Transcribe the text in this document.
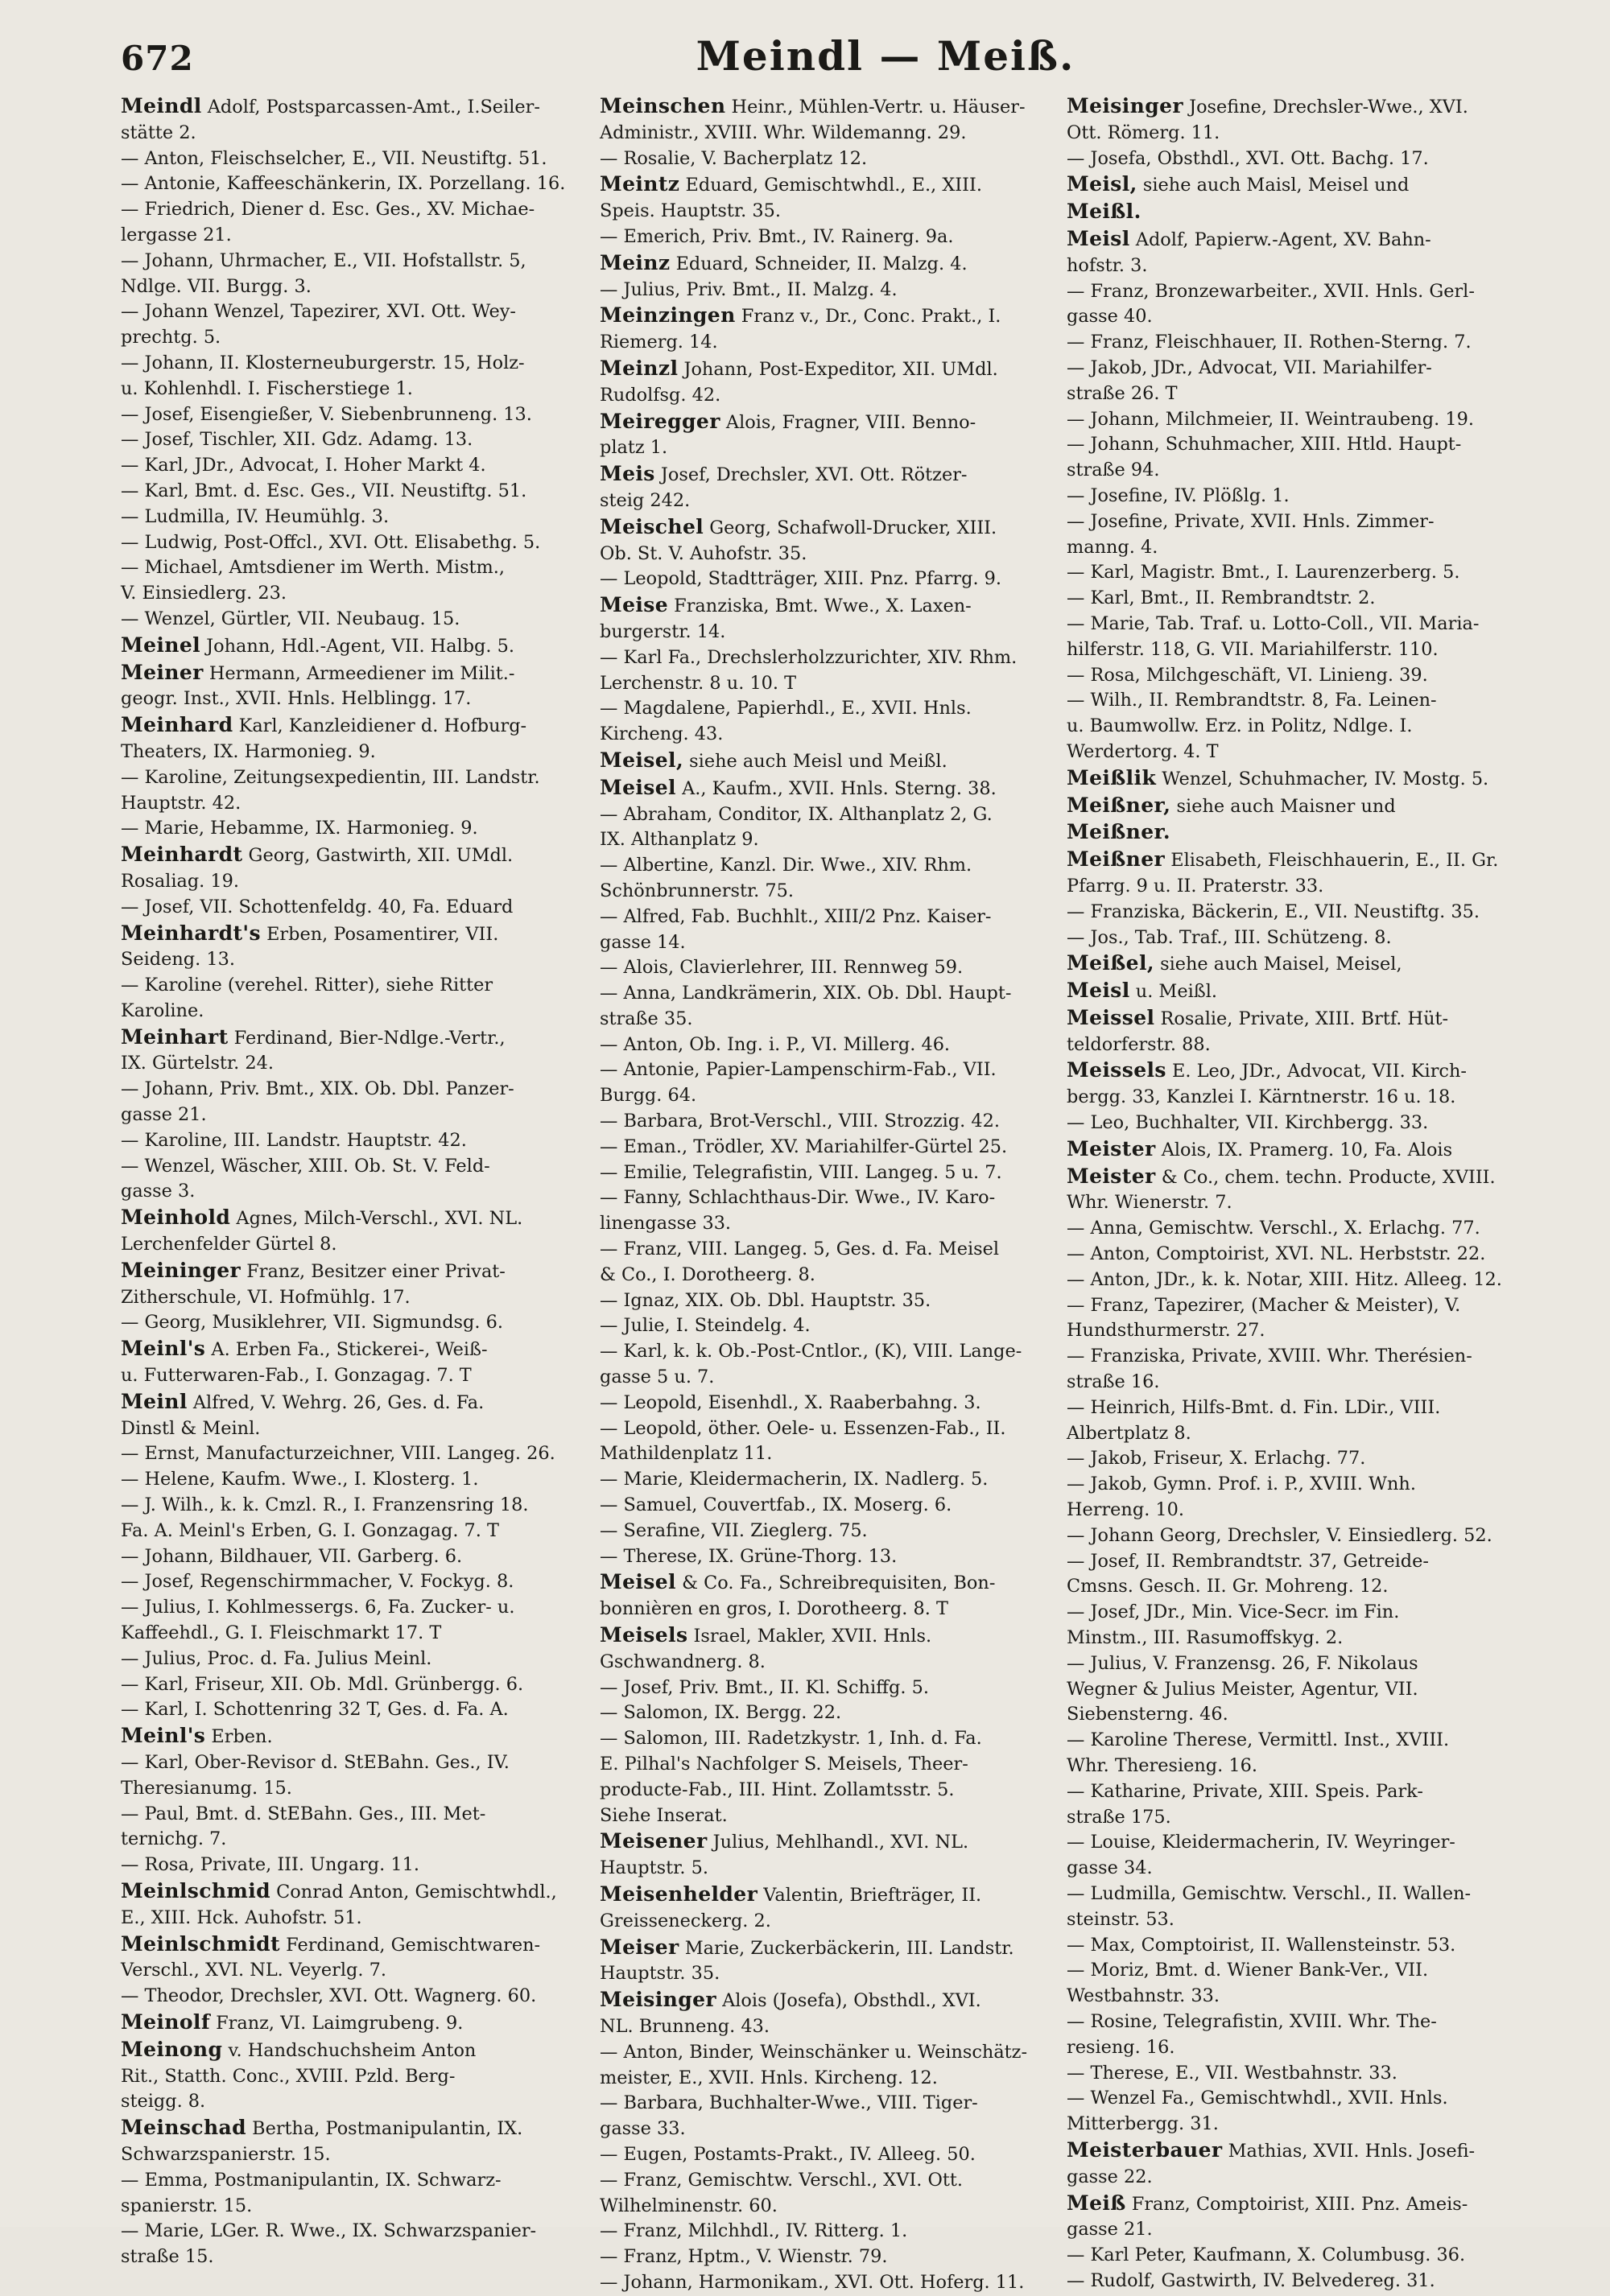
672	Meindl — Meiß.
Meindl Adolf, Postsparcassen-Amt., I.Seiler-
stätte 2.
— Anton, Fleischselcher, E., VII. Neustiftg. 51.
— Antonie, Kaffeeschänkerin, IX. Porzellang. 16.
— Friedrich, Diener d. Esc. Ges., XV. Michae-
lergasse 21.
— Johann, Uhrmacher, E., VII. Hofstallstr. 5,
Ndlge. VII. Burgg. 3.
— Johann Wenzel, Tapezirer, XVI. Ott. Wey-
prechtg. 5.
— Johann, II. Klosterneuburgerstr. 15, Holz-
u. Kohlenhdl. I. Fischerstiege 1.
— Josef, Eisengießer, V. Siebenbrunneng. 13.
— Josef, Tischler, XII. Gdz. Adamg. 13.
— Karl, JDr., Advocat, I. Hoher Markt 4.
— Karl, Bmt. d. Esc. Ges., VII. Neustiftg. 51.
— Ludmilla, IV. Heumühlg. 3.
— Ludwig, Post-Offcl., XVI. Ott. Elisabethg. 5.
— Michael, Amtsdiener im Werth. Mistm.,
V. Einsiedlerg. 23.
— Wenzel, Gürtler, VII. Neubaug. 15.
Meinel Johann, Hdl.-Agent, VII. Halbg. 5.
Meiner Hermann, Armeediener im Milit.-
geogr. Inst., XVII. Hnls. Helblingg. 17.
Meinhard Karl, Kanzleidiener d. Hofburg-
Theaters, IX. Harmonieg. 9.
— Karoline, Zeitungsexpedientin, III. Landstr.
Hauptstr. 42.
— Marie, Hebamme, IX. Harmonieg. 9.
Meinhardt Georg, Gastwirth, XII. UMdl.
Rosaliag. 19.
— Josef, VII. Schottenfeldg. 40, Fa. Eduard
Meinhardt's Erben, Posamentirer, VII.
Seideng. 13.
— Karoline (verehel. Ritter), siehe Ritter
Karoline.
Meinhart Ferdinand, Bier-Ndlge.-Vertr.,
IX. Gürtelstr. 24.
— Johann, Priv. Bmt., XIX. Ob. Dbl. Panzer-
gasse 21.
— Karoline, III. Landstr. Hauptstr. 42.
— Wenzel, Wäscher, XIII. Ob. St. V. Feld-
gasse 3.
Meinhold Agnes, Milch-Verschl., XVI. NL.
Lerchenfelder Gürtel 8.
Meininger Franz, Besitzer einer Privat-
Zitherschule, VI. Hofmühlg. 17.
— Georg, Musiklehrer, VII. Sigmundsg. 6.
Meinl's A. Erben Fa., Stickerei-, Weiß-
u. Futterwaren-Fab., I. Gonzagag. 7. T
Meinl Alfred, V. Wehrg. 26, Ges. d. Fa.
Dinstl & Meinl.
— Ernst, Manufacturzeichner, VIII. Langeg. 26.
— Helene, Kaufm. Wwe., I. Klosterg. 1.
— J. Wilh., k. k. Cmzl. R., I. Franzensring 18.
Fa. A. Meinl's Erben, G. I. Gonzagag. 7. T
— Johann, Bildhauer, VII. Garberg. 6.
— Josef, Regenschirmmacher, V. Fockyg. 8.
— Julius, I. Kohlmessergs. 6, Fa. Zucker- u.
Kaffeehdl., G. I. Fleischmarkt 17. T
— Julius, Proc. d. Fa. Julius Meinl.
— Karl, Friseur, XII. Ob. Mdl. Grünbergg. 6.
— Karl, I. Schottenring 32 T, Ges. d. Fa. A.
Meinl's Erben.
— Karl, Ober-Revisor d. StEBahn. Ges., IV.
Theresianumg. 15.
— Paul, Bmt. d. StEBahn. Ges., III. Met-
ternichg. 7.
— Rosa, Private, III. Ungarg. 11.
Meinlschmid Conrad Anton, Gemischtwhdl.,
E., XIII. Hck. Auhofstr. 51.
Meinlschmidt Ferdinand, Gemischtwaren-
Verschl., XVI. NL. Veyerlg. 7.
— Theodor, Drechsler, XVI. Ott. Wagnerg. 60.
Meinolf Franz, VI. Laimgrubeng. 9.
Meinong v. Handschuchsheim Anton
Rit., Statth. Conc., XVIII. Pzld. Berg-
steigg. 8.
Meinschad Bertha, Postmanipulantin, IX.
Schwarzspanierstr. 15.
— Emma, Postmanipulantin, IX. Schwarz-
spanierstr. 15.
— Marie, LGer. R. Wwe., IX. Schwarzspanier-
straße 15.
Meinschen Heinr., Mühlen-Vertr. u. Häuser-
Administr., XVIII. Whr. Wildemanng. 29.
— Rosalie, V. Bacherplatz 12.
Meintz Eduard, Gemischtwhdl., E., XIII.
Speis. Hauptstr. 35.
— Emerich, Priv. Bmt., IV. Rainerg. 9a.
Meinz Eduard, Schneider, II. Malzg. 4.
— Julius, Priv. Bmt., II. Malzg. 4.
Meinzingen Franz v., Dr., Conc. Prakt., I.
Riemerg. 14.
Meinzl Johann, Post-Expeditor, XII. UMdl.
Rudolfsg. 42.
Meiregger Alois, Fragner, VIII. Benno-
platz 1.
Meis Josef, Drechsler, XVI. Ott. Rötzer-
steig 242.
Meischel Georg, Schafwoll-Drucker, XIII.
Ob. St. V. Auhofstr. 35.
— Leopold, Stadtträger, XIII. Pnz. Pfarrg. 9.
Meise Franziska, Bmt. Wwe., X. Laxen-
burgerstr. 14.
— Karl Fa., Drechslerholzzurichter, XIV. Rhm.
Lerchenstr. 8 u. 10. T
— Magdalene, Papierhdl., E., XVII. Hnls.
Kircheng. 43.
Meisel, siehe auch Meisl und Meißl.
Meisel A., Kaufm., XVII. Hnls. Sterng. 38.
— Abraham, Conditor, IX. Althanplatz 2, G.
IX. Althanplatz 9.
— Albertine, Kanzl. Dir. Wwe., XIV. Rhm.
Schönbrunnerstr. 75.
— Alfred, Fab. Buchhlt., XIII/2 Pnz. Kaiser-
gasse 14.
— Alois, Clavierlehrer, III. Rennweg 59.
— Anna, Landkrämerin, XIX. Ob. Dbl. Haupt-
straße 35.
— Anton, Ob. Ing. i. P., VI. Millerg. 46.
— Antonie, Papier-Lampenschirm-Fab., VII.
Burgg. 64.
— Barbara, Brot-Verschl., VIII. Strozzig. 42.
— Eman., Trödler, XV. Mariahilfer-Gürtel 25.
— Emilie, Telegrafistin, VIII. Langeg. 5 u. 7.
— Fanny, Schlachthaus-Dir. Wwe., IV. Karo-
linengasse 33.
— Franz, VIII. Langeg. 5, Ges. d. Fa. Meisel
& Co., I. Dorotheerg. 8.
— Ignaz, XIX. Ob. Dbl. Hauptstr. 35.
— Julie, I. Steindelg. 4.
— Karl, k. k. Ob.-Post-Cntlor., (K), VIII. Lange-
gasse 5 u. 7.
— Leopold, Eisenhdl., X. Raaberbahng. 3.
— Leopold, öther. Oele- u. Essenzen-Fab., II.
Mathildenplatz 11.
— Marie, Kleidermacherin, IX. Nadlerg. 5.
— Samuel, Couvertfab., IX. Moserg. 6.
— Serafine, VII. Zieglerg. 75.
— Therese, IX. Grüne-Thorg. 13.
Meisel & Co. Fa., Schreibrequisiten, Bon-
bonnièren en gros, I. Dorotheerg. 8. T
Meisels Israel, Makler, XVII. Hnls.
Gschwandnerg. 8.
— Josef, Priv. Bmt., II. Kl. Schiffg. 5.
— Salomon, IX. Bergg. 22.
— Salomon, III. Radetzkystr. 1, Inh. d. Fa.
E. Pilhal's Nachfolger S. Meisels, Theer-
producte-Fab., III. Hint. Zollamtsstr. 5.
Siehe Inserat.
Meisener Julius, Mehlhandl., XVI. NL.
Hauptstr. 5.
Meisenhelder Valentin, Briefträger, II.
Greisseneckerg. 2.
Meiser Marie, Zuckerbäckerin, III. Landstr.
Hauptstr. 35.
Meisinger Alois (Josefa), Obsthdl., XVI.
NL. Brunneng. 43.
— Anton, Binder, Weinschänker u. Weinschätz-
meister, E., XVII. Hnls. Kircheng. 12.
— Barbara, Buchhalter-Wwe., VIII. Tiger-
gasse 33.
— Eugen, Postamts-Prakt., IV. Alleeg. 50.
— Franz, Gemischtw. Verschl., XVI. Ott.
Wilhelminenstr. 60.
— Franz, Milchhdl., IV. Ritterg. 1.
— Franz, Hptm., V. Wienstr. 79.
— Johann, Harmonikam., XVI. Ott. Hoferg. 11.
Meisinger Josefine, Drechsler-Wwe., XVI.
Ott. Römerg. 11.
— Josefa, Obsthdl., XVI. Ott. Bachg. 17.
Meisl, siehe auch Maisl, Meisel und
Meißl.
Meisl Adolf, Papierw.-Agent, XV. Bahn-
hofstr. 3.
— Franz, Bronzewarbeiter., XVII. Hnls. Gerl-
gasse 40.
— Franz, Fleischhauer, II. Rothen-Sterng. 7.
— Jakob, JDr., Advocat, VII. Mariahilfer-
straße 26. T
— Johann, Milchmeier, II. Weintraubeng. 19.
— Johann, Schuhmacher, XIII. Htld. Haupt-
straße 94.
— Josefine, IV. Plößlg. 1.
— Josefine, Private, XVII. Hnls. Zimmer-
manng. 4.
— Karl, Magistr. Bmt., I. Laurenzerberg. 5.
— Karl, Bmt., II. Rembrandtstr. 2.
— Marie, Tab. Traf. u. Lotto-Coll., VII. Maria-
hilferstr. 118, G. VII. Mariahilferstr. 110.
— Rosa, Milchgeschäft, VI. Linieng. 39.
— Wilh., II. Rembrandtstr. 8, Fa. Leinen-
u. Baumwollw. Erz. in Politz, Ndlge. I.
Werdertorg. 4. T
Meißlik Wenzel, Schuhmacher, IV. Mostg. 5.
Meißner, siehe auch Maisner und
Meißner.
Meißner Elisabeth, Fleischhauerin, E., II. Gr.
Pfarrg. 9 u. II. Praterstr. 33.
— Franziska, Bäckerin, E., VII. Neustiftg. 35.
— Jos., Tab. Traf., III. Schützeng. 8.
Meißel, siehe auch Maisel, Meisel,
Meisl u. Meißl.
Meissel Rosalie, Private, XIII. Brtf. Hüt-
teldorferstr. 88.
Meissels E. Leo, JDr., Advocat, VII. Kirch-
bergg. 33, Kanzlei I. Kärntnerstr. 16 u. 18.
— Leo, Buchhalter, VII. Kirchbergg. 33.
Meister Alois, IX. Pramerg. 10, Fa. Alois
Meister & Co., chem. techn. Producte, XVIII.
Whr. Wienerstr. 7.
— Anna, Gemischtw. Verschl., X. Erlachg. 77.
— Anton, Comptoirist, XVI. NL. Herbststr. 22.
— Anton, JDr., k. k. Notar, XIII. Hitz. Alleeg. 12.
— Franz, Tapezirer, (Macher & Meister), V.
Hundsthurmerstr. 27.
— Franziska, Private, XVIII. Whr. Therésien-
straße 16.
— Heinrich, Hilfs-Bmt. d. Fin. LDir., VIII.
Albertplatz 8.
— Jakob, Friseur, X. Erlachg. 77.
— Jakob, Gymn. Prof. i. P., XVIII. Wnh.
Herreng. 10.
— Johann Georg, Drechsler, V. Einsiedlerg. 52.
— Josef, II. Rembrandtstr. 37, Getreide-
Cmsns. Gesch. II. Gr. Mohreng. 12.
— Josef, JDr., Min. Vice-Secr. im Fin.
Minstm., III. Rasumoffskyg. 2.
— Julius, V. Franzensg. 26, F. Nikolaus
Wegner & Julius Meister, Agentur, VII.
Siebensterng. 46.
— Karoline Therese, Vermittl. Inst., XVIII.
Whr. Theresieng. 16.
— Katharine, Private, XIII. Speis. Park-
straße 175.
— Louise, Kleidermacherin, IV. Weyringer-
gasse 34.
— Ludmilla, Gemischtw. Verschl., II. Wallen-
steinstr. 53.
— Max, Comptoirist, II. Wallensteinstr. 53.
— Moriz, Bmt. d. Wiener Bank-Ver., VII.
Westbahnstr. 33.
— Rosine, Telegrafistin, XVIII. Whr. The-
resieng. 16.
— Therese, E., VII. Westbahnstr. 33.
— Wenzel Fa., Gemischtwhdl., XVII. Hnls.
Mitterbergg. 31.
Meisterbauer Mathias, XVII. Hnls. Josefi-
gasse 22.
Meiß Franz, Comptoirist, XIII. Pnz. Ameis-
gasse 21.
— Karl Peter, Kaufmann, X. Columbusg. 36.
— Rudolf, Gastwirth, IV. Belvedereg. 31.
